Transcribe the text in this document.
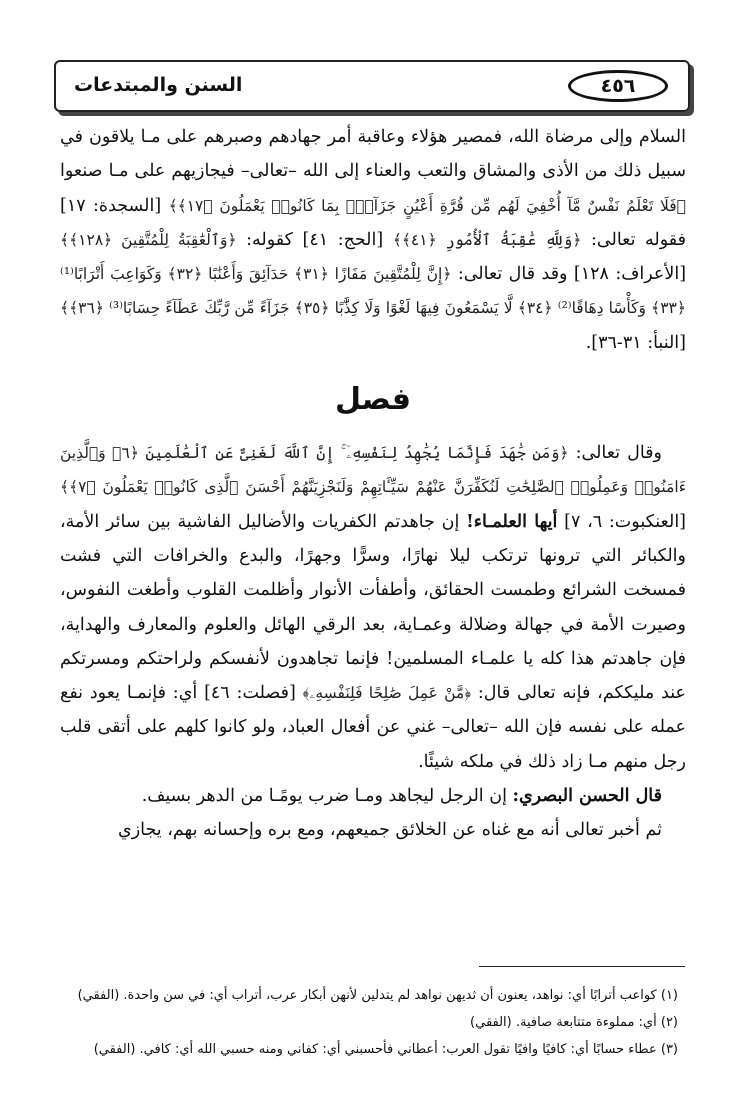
٤٥٦
السنن والمبتدعات

السلام وإلى مرضاة الله، فمصير هؤلاء وعاقبة أمر جهادهم وصبرهم على مـا يلاقون في سبيل ذلك من الأذى والمشاق والتعب والعناء إلى الله –تعالى– فيجازيهم على مـا صنعوا ﴿فَلَا تَعْلَمُ نَفْسٌ مَّآ أُخْفِيَ لَهُم مِّن قُرَّةِ أَعْيُنٍ جَزَآءًۢ بِمَا كَانُوا۟ يَعْمَلُونَ ﴿١٧﴾﴾ [السجدة: ١٧] فقوله تعالى: ﴿وَلِلَّهِ عَٰقِبَةُ ٱلْأُمُورِ ﴿٤١﴾﴾ [الحج: ٤١] كقوله: ﴿وَٱلْعَٰقِبَةُ لِلْمُتَّقِينَ ﴿١٢٨﴾﴾ [الأعراف: ١٢٨] وقد قال تعالى: ﴿إِنَّ لِلْمُتَّقِينَ مَفَازًا ﴿٣١﴾ حَدَآئِقَ وَأَعْنَٰبًا ﴿٣٢﴾ وَكَوَاعِبَ أَتْرَابًا⁽¹⁾ ﴿٣٣﴾ وَكَأْسًا دِهَاقًا⁽²⁾ ﴿٣٤﴾ لَّا يَسْمَعُونَ فِيهَا لَغْوًا وَلَا كِذَّٰبًا ﴿٣٥﴾ جَزَآءً مِّن رَّبِّكَ عَطَآءً حِسَابًا⁽³⁾ ﴿٣٦﴾﴾ [النبأ: ٣١-٣٦].

فصل

وقال تعالى: ﴿وَمَن جَٰهَدَ فَإِنَّمَا يُجَٰهِدُ لِنَفْسِهِۦٓ ۚ إِنَّ ٱللَّهَ لَغَنِىٌّ عَنِ ٱلْعَٰلَمِينَ ﴿٦﴾ وَٱلَّذِينَ ءَامَنُوا۟ وَعَمِلُوا۟ ٱلصَّٰلِحَٰتِ لَنُكَفِّرَنَّ عَنْهُمْ سَيِّـَٔاتِهِمْ وَلَنَجْزِيَنَّهُمْ أَحْسَنَ ٱلَّذِى كَانُوا۟ يَعْمَلُونَ ﴿٧﴾﴾ [العنكبوت: ٦، ٧] أيها العلمـاء! إن جاهدتم الكفريات والأضاليل الفاشية بين سائر الأمة، والكبائر التي ترونها ترتكب ليلا نهارًا، وسرًّا وجهرًا، والبدع والخرافات التي فشت فمسخت الشرائع وطمست الحقائق، وأطفأت الأنوار وأظلمت القلوب وأطغت النفوس، وصيرت الأمة في جهالة وضلالة وعمـاية، بعد الرقي الهائل والعلوم والمعارف والهداية، فإن جاهدتم هذا كله يا علمـاء المسلمين! فإنما تجاهدون لأنفسكم ولراحتكم ومسرتكم عند مليككم، فإنه تعالى قال: ﴿مَّنْ عَمِلَ صَٰلِحًا فَلِنَفْسِهِۦ﴾ [فصلت: ٤٦] أي: فإنمـا يعود نفع عمله على نفسه فإن الله –تعالى– غني عن أفعال العباد، ولو كانوا كلهم على أتقى قلب رجل منهم مـا زاد ذلك في ملكه شيئًا.

قال الحسن البصري: إن الرجل ليجاهد ومـا ضرب يومًـا من الدهر بسيف.

ثم أخبر تعالى أنه مع غناه عن الخلائق جميعهم، ومع بره وإحسانه بهم، يجازي

(١) كواعب أترابًا أي: نواهد، يعنون أن ثديهن نواهد لم يتدلين لأنهن أبكار عرب، أتراب أي: في سن واحدة. (الفقي)
(٢) أي: مملوءة متتابعة صافية. (الفقي)
(٣) عطاء حسابًا أي: كافيًا وافيًا تقول العرب: أعطاني فأحسبني أي: كفاني ومنه حسبي الله أي: كافي. (الفقي)
